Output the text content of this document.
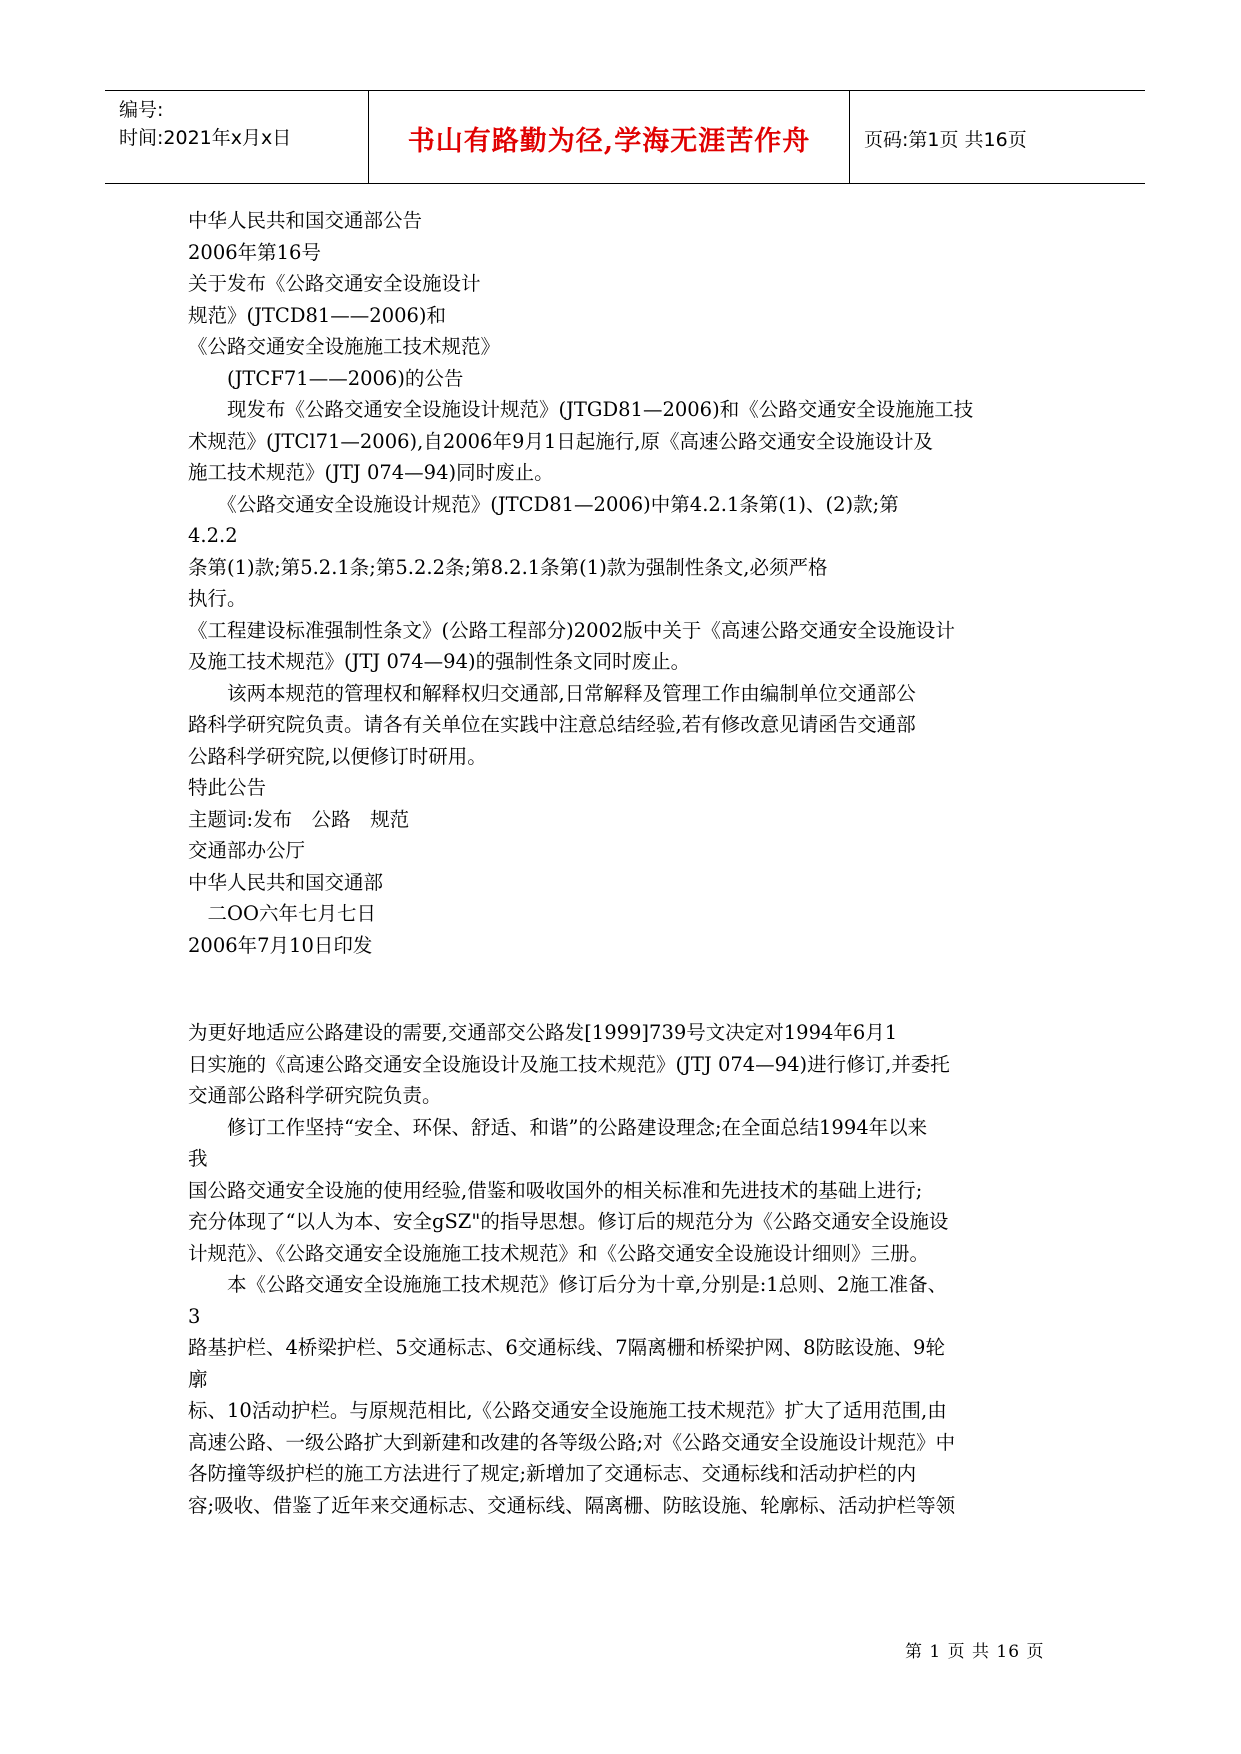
编号:
时间:2021年x月x日	书山有路勤为径,学海无涯苦作舟	页码:第1页 共16页
中华人民共和国交通部公告
2006年第16号
关于发布《公路交通安全设施设计
规范》(JTCD81——2006)和
《公路交通安全设施施工技术规范》
　　(JTCF71——2006)的公告
　　现发布《公路交通安全设施设计规范》(JTGD81—2006)和《公路交通安全设施施工技
术规范》(JTCl71—2006),自2006年9月1日起施行,原《高速公路交通安全设施设计及
施工技术规范》(JTJ 074—94)同时废止。
　　《公路交通安全设施设计规范》(JTCD81—2006)中第4.2.1条第(1)、(2)款;第
4.2.2
条第(1)款;第5.2.1条;第5.2.2条;第8.2.1条第(1)款为强制性条文,必须严格
执行。
《工程建设标准强制性条文》(公路工程部分)2002版中关于《高速公路交通安全设施设计
及施工技术规范》(JTJ 074—94)的强制性条文同时废止。
　　该两本规范的管理权和解释权归交通部,日常解释及管理工作由编制单位交通部公
路科学研究院负责。请各有关单位在实践中注意总结经验,若有修改意见请函告交通部
公路科学研究院,以便修订时研用。
特此公告
主题词:发布　公路　规范
交通部办公厅
中华人民共和国交通部
　二OO六年七月七日
2006年7月10日印发
为更好地适应公路建设的需要,交通部交公路发[1999]739号文决定对1994年6月1
日实施的《高速公路交通安全设施设计及施工技术规范》(JTJ 074—94)进行修订,并委托
交通部公路科学研究院负责。
　　修订工作坚持“安全、环保、舒适、和谐”的公路建设理念;在全面总结1994年以来
我
国公路交通安全设施的使用经验,借鉴和吸收国外的相关标准和先进技术的基础上进行;
充分体现了“以人为本、安全gSZ"的指导思想。修订后的规范分为《公路交通安全设施设
计规范》、《公路交通安全设施施工技术规范》和《公路交通安全设施设计细则》三册。
　　本《公路交通安全设施施工技术规范》修订后分为十章,分别是:1总则、2施工准备、
3
路基护栏、4桥梁护栏、5交通标志、6交通标线、7隔离栅和桥梁护网、8防眩设施、9轮
廓
标、10活动护栏。与原规范相比,《公路交通安全设施施工技术规范》扩大了适用范围,由
高速公路、一级公路扩大到新建和改建的各等级公路;对《公路交通安全设施设计规范》中
各防撞等级护栏的施工方法进行了规定;新增加了交通标志、交通标线和活动护栏的内
容;吸收、借鉴了近年来交通标志、交通标线、隔离栅、防眩设施、轮廓标、活动护栏等领
第 1 页 共 16 页
